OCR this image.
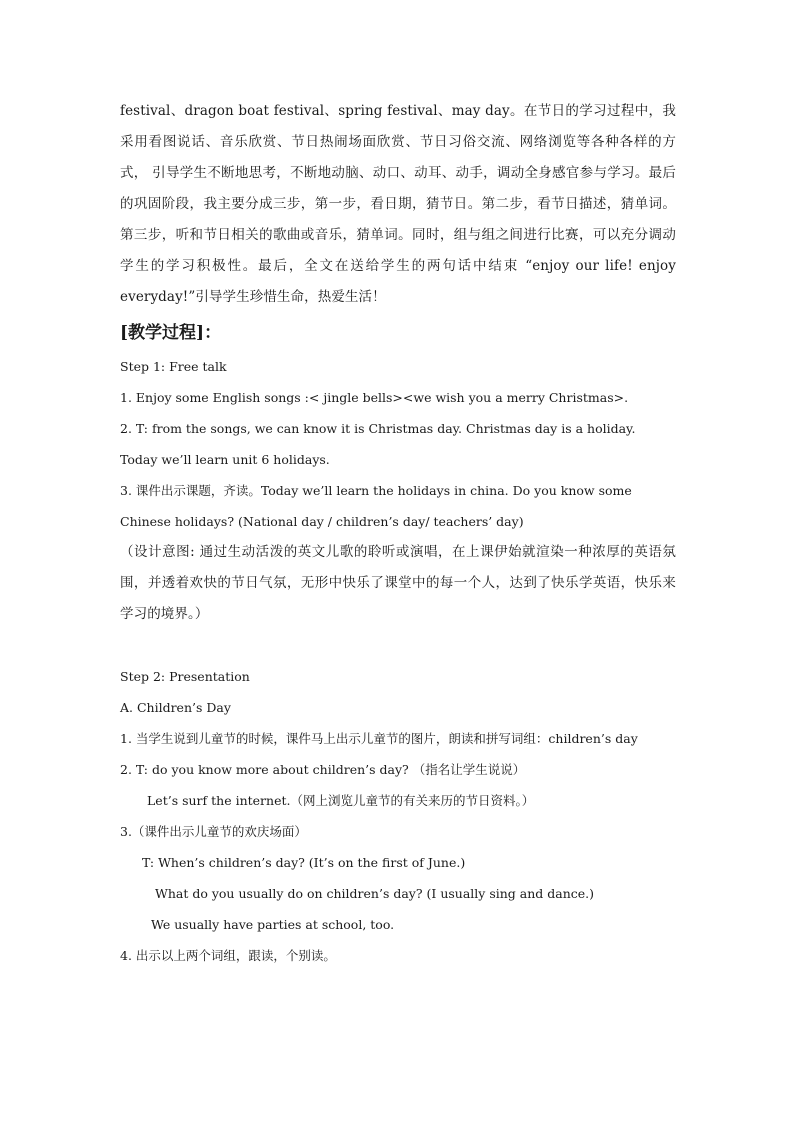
festival、dragon boat festival、spring festival、may day。在节日的学习过程中，我采用看图说话、音乐欣赏、节日热闹场面欣赏、节日习俗交流、网络浏览等各种各样的方式， 引导学生不断地思考，不断地动脑、动口、动耳、动手，调动全身感官参与学习。最后的巩固阶段，我主要分成三步，第一步，看日期，猜节日。第二步，看节日描述，猜单词。第三步，听和节日相关的歌曲或音乐，猜单词。同时，组与组之间进行比赛，可以充分调动学生的学习积极性。最后，全文在送给学生的两句话中结束 “enjoy our life! enjoy everyday!”引导学生珍惜生命，热爱生活！

[教学过程]：

Step 1: Free talk

1. Enjoy some English songs :< jingle bells><we wish you a merry Christmas>.

2. T: from the songs, we can know it is Christmas day. Christmas day is a holiday. Today we’ll learn unit 6 holidays.

3. 课件出示课题，齐读。Today we’ll learn the holidays in china. Do you know some Chinese holidays? (National day / children’s day/ teachers’ day)

（设计意图: 通过生动活泼的英文儿歌的聆听或演唱，在上课伊始就渲染一种浓厚的英语氛围，并透着欢快的节日气氛，无形中快乐了课堂中的每一个人，达到了快乐学英语，快乐来学习的境界。）

Step 2: Presentation

A. Children’s Day

1. 当学生说到儿童节的时候，课件马上出示儿童节的图片，朗读和拼写词组：children’s day

2. T: do you know more about children’s day? （指名让学生说说）

Let’s surf the internet.（网上浏览儿童节的有关来历的节日资料。）

3.（课件出示儿童节的欢庆场面）

T: When’s children’s day? (It’s on the first of June.)

What do you usually do on children’s day? (I usually sing and dance.)

We usually have parties at school, too.

4. 出示以上两个词组，跟读，个别读。
